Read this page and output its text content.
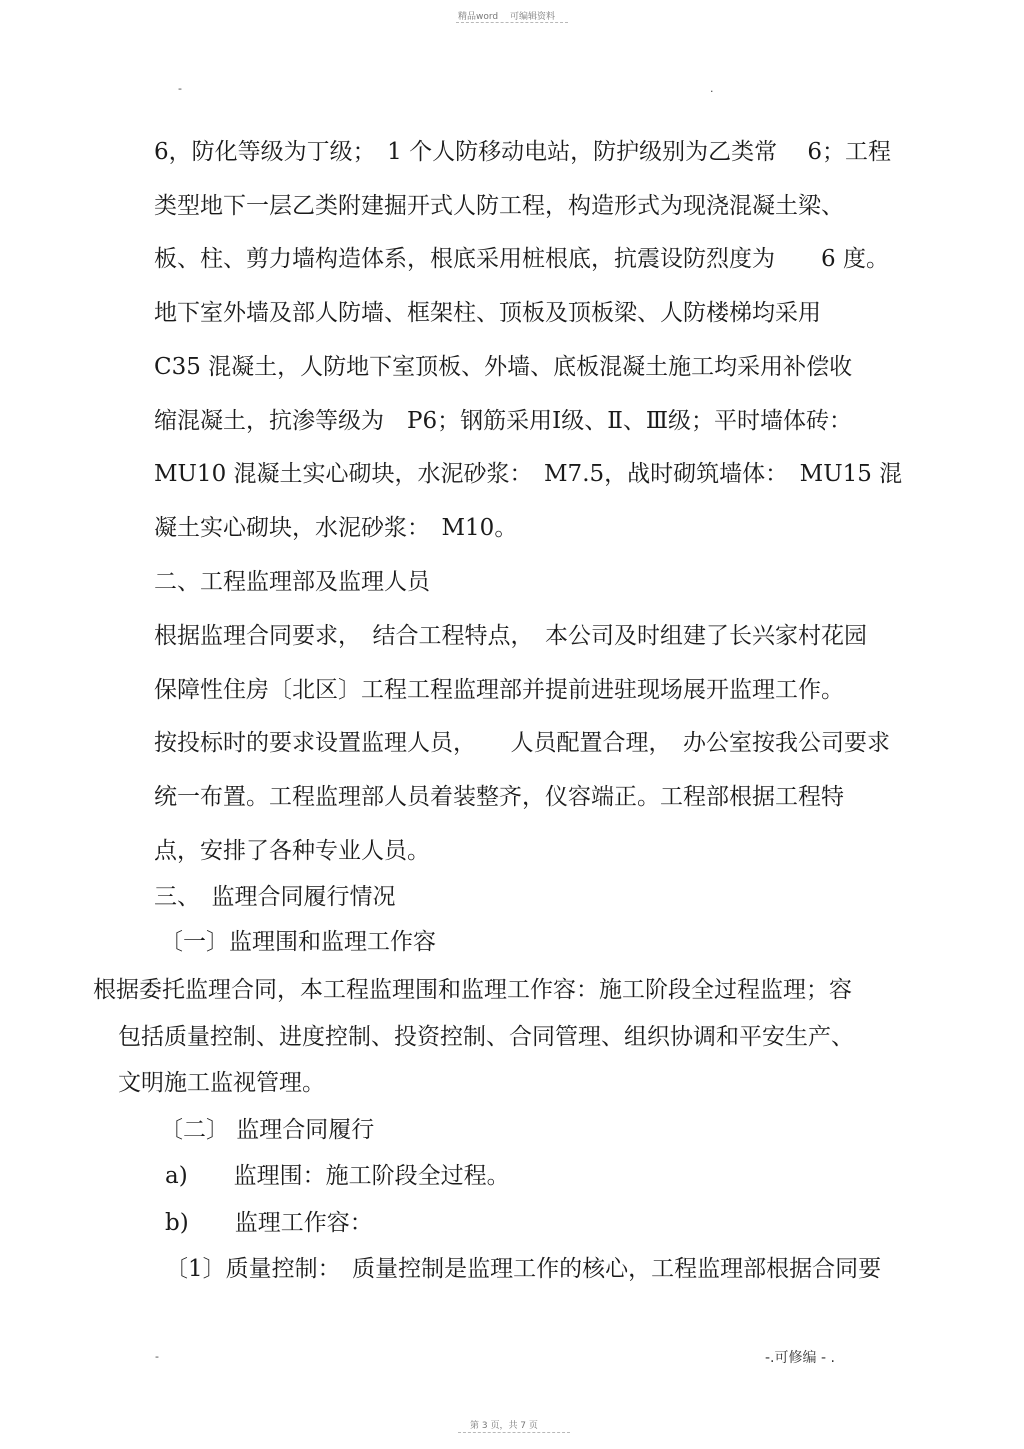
精品word　 可编辑资料
-	.
6，防化等级为丁级；　1 个人防移动电站，防护级别为乙类常　 6；工程
类型地下一层乙类附建掘开式人防工程，构造形式为现浇混凝土梁、
板、柱、剪力墙构造体系，根底采用桩根底，抗震设防烈度为　　6 度。
地下室外墙及部人防墙、框架柱、顶板及顶板梁、人防楼梯均采用
C35 混凝土，人防地下室顶板、外墙、底板混凝土施工均采用补偿收
缩混凝土，抗渗等级为　P6；钢筋采用Ⅰ级、Ⅱ、Ⅲ级；平时墙体砖：
MU10 混凝土实心砌块，水泥砂浆：　M7.5，战时砌筑墙体：　MU15 混
凝土实心砌块，水泥砂浆：　M10。
二、工程监理部及监理人员
根据监理合同要求，　结合工程特点，　本公司及时组建了长兴家村花园
保障性住房〔北区〕工程工程监理部并提前进驻现场展开监理工作。
按投标时的要求设置监理人员，　　人员配置合理，　办公室按我公司要求
统一布置。工程监理部人员着装整齐，仪容端正。工程部根据工程特
点，安排了各种专业人员。
三、　监理合同履行情况
〔一〕监理围和监理工作容
根据委托监理合同，本工程监理围和监理工作容：施工阶段全过程监理；容
包括质量控制、进度控制、投资控制、合同管理、组织协调和平安生产、
文明施工监视管理。
〔二〕 监理合同履行
a)　　监理围：施工阶段全过程。
b)　　监理工作容：
〔1〕质量控制：　质量控制是监理工作的核心，工程监理部根据合同要
-	-.可修编 - .
第 3 页，共 7 页
